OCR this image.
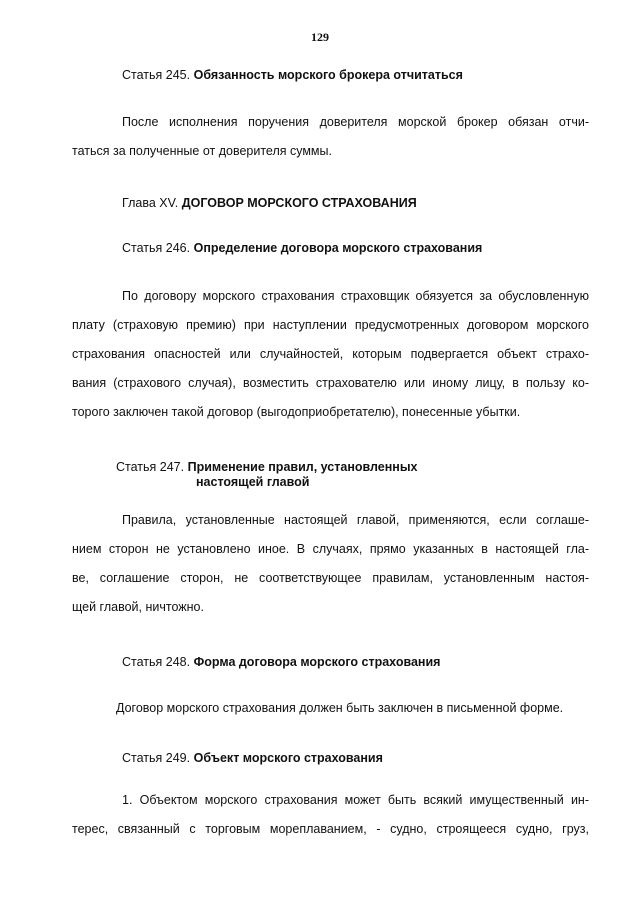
129
Статья 245. Обязанность морского брокера отчитаться
После исполнения поручения доверителя морской брокер обязан отчи-
таться за полученные от доверителя суммы.
Глава XV. ДОГОВОР МОРСКОГО СТРАХОВАНИЯ
Статья 246. Определение договора морского страхования
По договору морского страхования страховщик обязуется за обусловленную
плату (страховую премию) при наступлении предусмотренных договором морского
страхования опасностей или случайностей, которым подвергается объект страхо-
вания (страхового случая), возместить страхователю или иному лицу, в пользу ко-
торого заключен такой договор (выгодоприобретателю), понесенные убытки.
Статья 247. Применение правил, установленных
настоящей главой
Правила, установленные настоящей главой, применяются, если соглаше-
нием сторон не установлено иное. В случаях, прямо указанных в настоящей гла-
ве, соглашение сторон, не соответствующее правилам, установленным настоя-
щей главой, ничтожно.
Статья 248. Форма договора морского страхования
Договор морского страхования должен быть заключен в письменной форме.
Статья 249. Объект морского страхования
1. Объектом морского страхования может быть всякий имущественный ин-
терес, связанный с торговым мореплаванием, - судно, строящееся судно, груз,
